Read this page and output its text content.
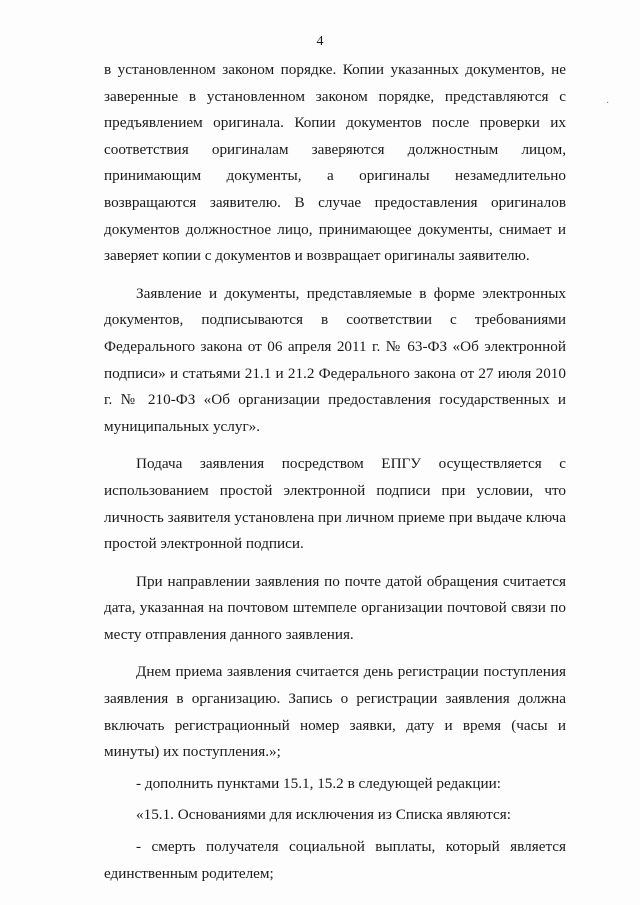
4
·

в установленном законом порядке. Копии указанных документов, не заверенные в установленном законом порядке, представляются с предъявлением оригинала. Копии документов после проверки их соответствия оригиналам заверяются должностным лицом, принимающим документы, а оригиналы незамедлительно возвращаются заявителю. В случае предоставления оригиналов документов должностное лицо, принимающее документы, снимает и заверяет копии с документов и возвращает оригиналы заявителю.

Заявление и документы, представляемые в форме электронных документов, подписываются в соответствии с требованиями Федерального закона от 06 апреля 2011 г. № 63-ФЗ «Об электронной подписи» и статьями 21.1 и 21.2 Федерального закона от 27 июля 2010 г. № 210-ФЗ «Об организации предоставления государственных и муниципальных услуг».

Подача заявления посредством ЕПГУ осуществляется с использованием простой электронной подписи при условии, что личность заявителя установлена при личном приеме при выдаче ключа простой электронной подписи.

При направлении заявления по почте датой обращения считается дата, указанная на почтовом штемпеле организации почтовой связи по месту отправления данного заявления.

Днем приема заявления считается день регистрации поступления заявления в организацию. Запись о регистрации заявления должна включать регистрационный номер заявки, дату и время (часы и минуты) их поступления.»;

- дополнить пунктами 15.1, 15.2 в следующей редакции:

«15.1. Основаниями для исключения из Списка являются:

- смерть получателя социальной выплаты, который является единственным родителем;
